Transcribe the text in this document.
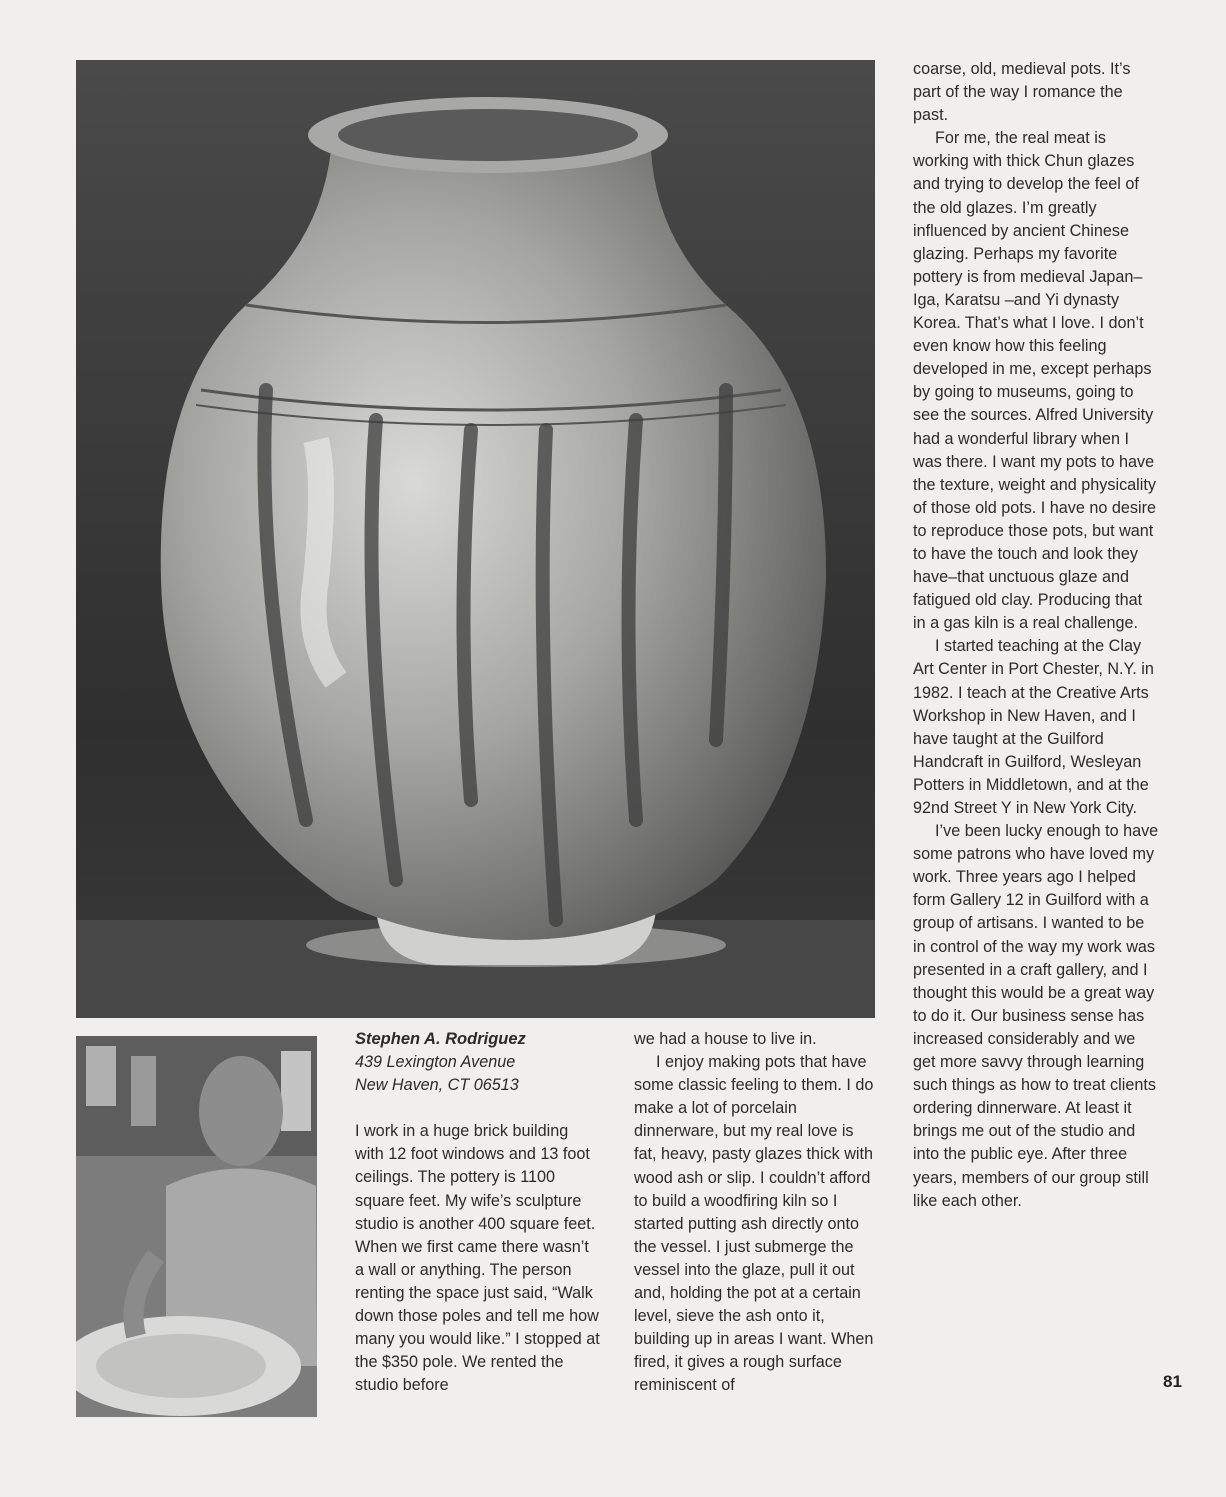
coarse, old, medieval pots. It’s part of the way I romance the past.

For me, the real meat is working with thick Chun glazes and trying to develop the feel of the old glazes. I’m greatly influenced by ancient Chinese glazing. Perhaps my favorite pottery is from medieval Japan–Iga, Karatsu –and Yi dynasty Korea. That’s what I love. I don’t even know how this feeling developed in me, except perhaps by going to museums, going to see the sources. Alfred University had a wonderful library when I was there. I want my pots to have the texture, weight and physicality of those old pots. I have no desire to reproduce those pots, but want to have the touch and look they have–that unctuous glaze and fatigued old clay. Producing that in a gas kiln is a real challenge.

I started teaching at the Clay Art Center in Port Chester, N.Y. in 1982. I teach at the Creative Arts Workshop in New Haven, and I have taught at the Guilford Handcraft in Guilford, Wesleyan Potters in Middletown, and at the 92nd Street Y in New York City.

I’ve been lucky enough to have some patrons who have loved my work. Three years ago I helped form Gallery 12 in Guilford with a group of artisans. I wanted to be in control of the way my work was presented in a craft gallery, and I thought this would be a great way to do it. Our business sense has increased considerably and we get more savvy through learning such things as how to treat clients ordering dinnerware. At least it brings me out of the studio and into the public eye. After three years, members of our group still like each other.

Stephen A. Rodriguez
439 Lexington Avenue
New Haven, CT 06513

I work in a huge brick building with 12 foot windows and 13 foot ceilings. The pottery is 1100 square feet. My wife’s sculpture studio is another 400 square feet. When we first came there wasn’t a wall or anything. The person renting the space just said, “Walk down those poles and tell me how many you would like.” I stopped at the $350 pole. We rented the studio before

we had a house to live in.

I enjoy making pots that have some classic feeling to them. I do make a lot of porcelain dinnerware, but my real love is fat, heavy, pasty glazes thick with wood ash or slip. I couldn’t afford to build a woodfiring kiln so I started putting ash directly onto the vessel. I just submerge the vessel into the glaze, pull it out and, holding the pot at a certain level, sieve the ash onto it, building up in areas I want. When fired, it gives a rough surface reminiscent of	81
